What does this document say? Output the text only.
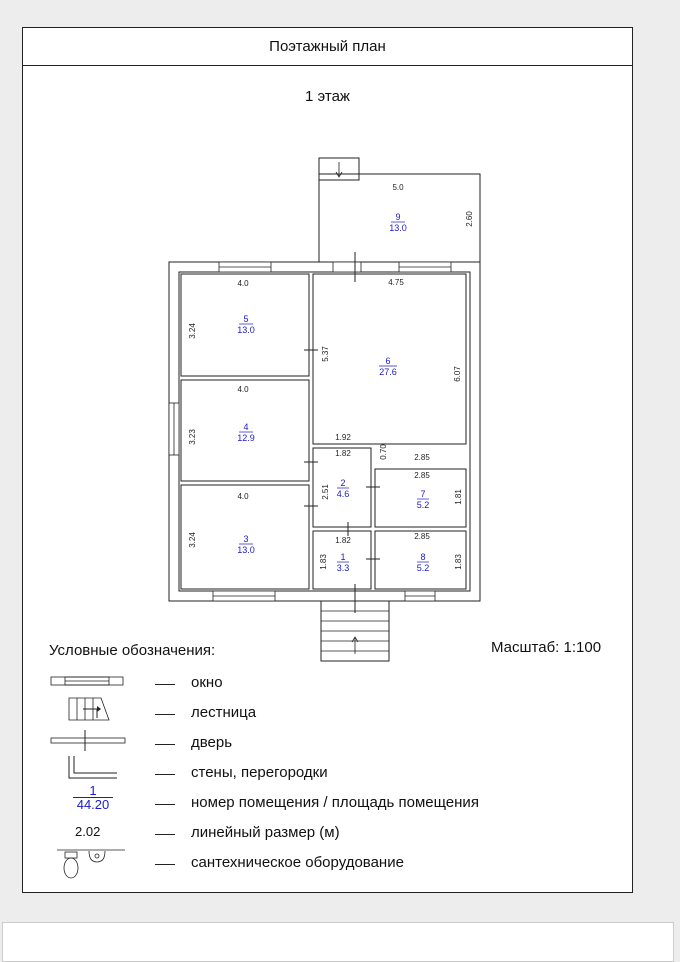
Поэтажный план
1 этаж
5.0
2.60
4.0
3.24
4.0
3.23
4.0
3.24
4.75
6.07
5.37
1.92
1.82
2.51
0.70	2.85
2.85
1.81
1.82
1.83
2.85
1.83
9
13.0
5
13.0
4
12.9
3
13.0
6
27.6
2
4.6	7
5.2
1
3.3
8
5.2
Условные обозначения:	Масштаб: 1:100
окно
лестница
дверь
стены, перегородки
1
44.20	номер помещения / площадь помещения
2.02	линейный размер (м)
сантехническое оборудование
